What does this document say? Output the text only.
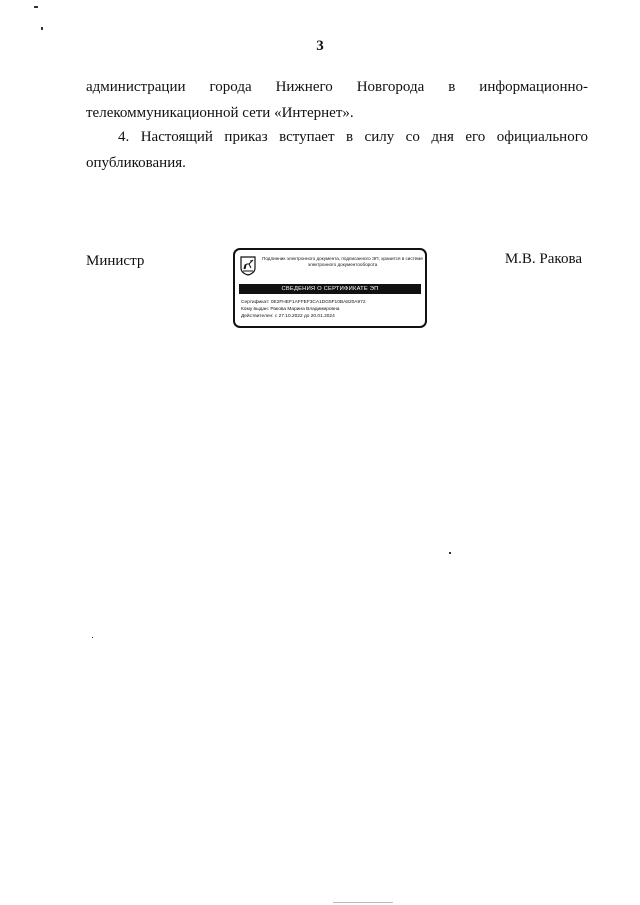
3
администрации города Нижнего Новгорода в информационно-
телекоммуникационной сети «Интернет».
4. Настоящий приказ вступает в силу со дня его официального
опубликования.
Министр	Подлинник электронного документа, подписанного ЭП, хранится в системе электронного документооборота
СВЕДЕНИЯ О СЕРТИФИКАТЕ ЭП
Сертификат: 0E2FHEF1AFFEF3CA1DG5F10BA820A972
Кому выдан: Ракова Марина Владимировна
Действителен: с 27.10.2022 до 20.01.2024
М.В. Ракова
